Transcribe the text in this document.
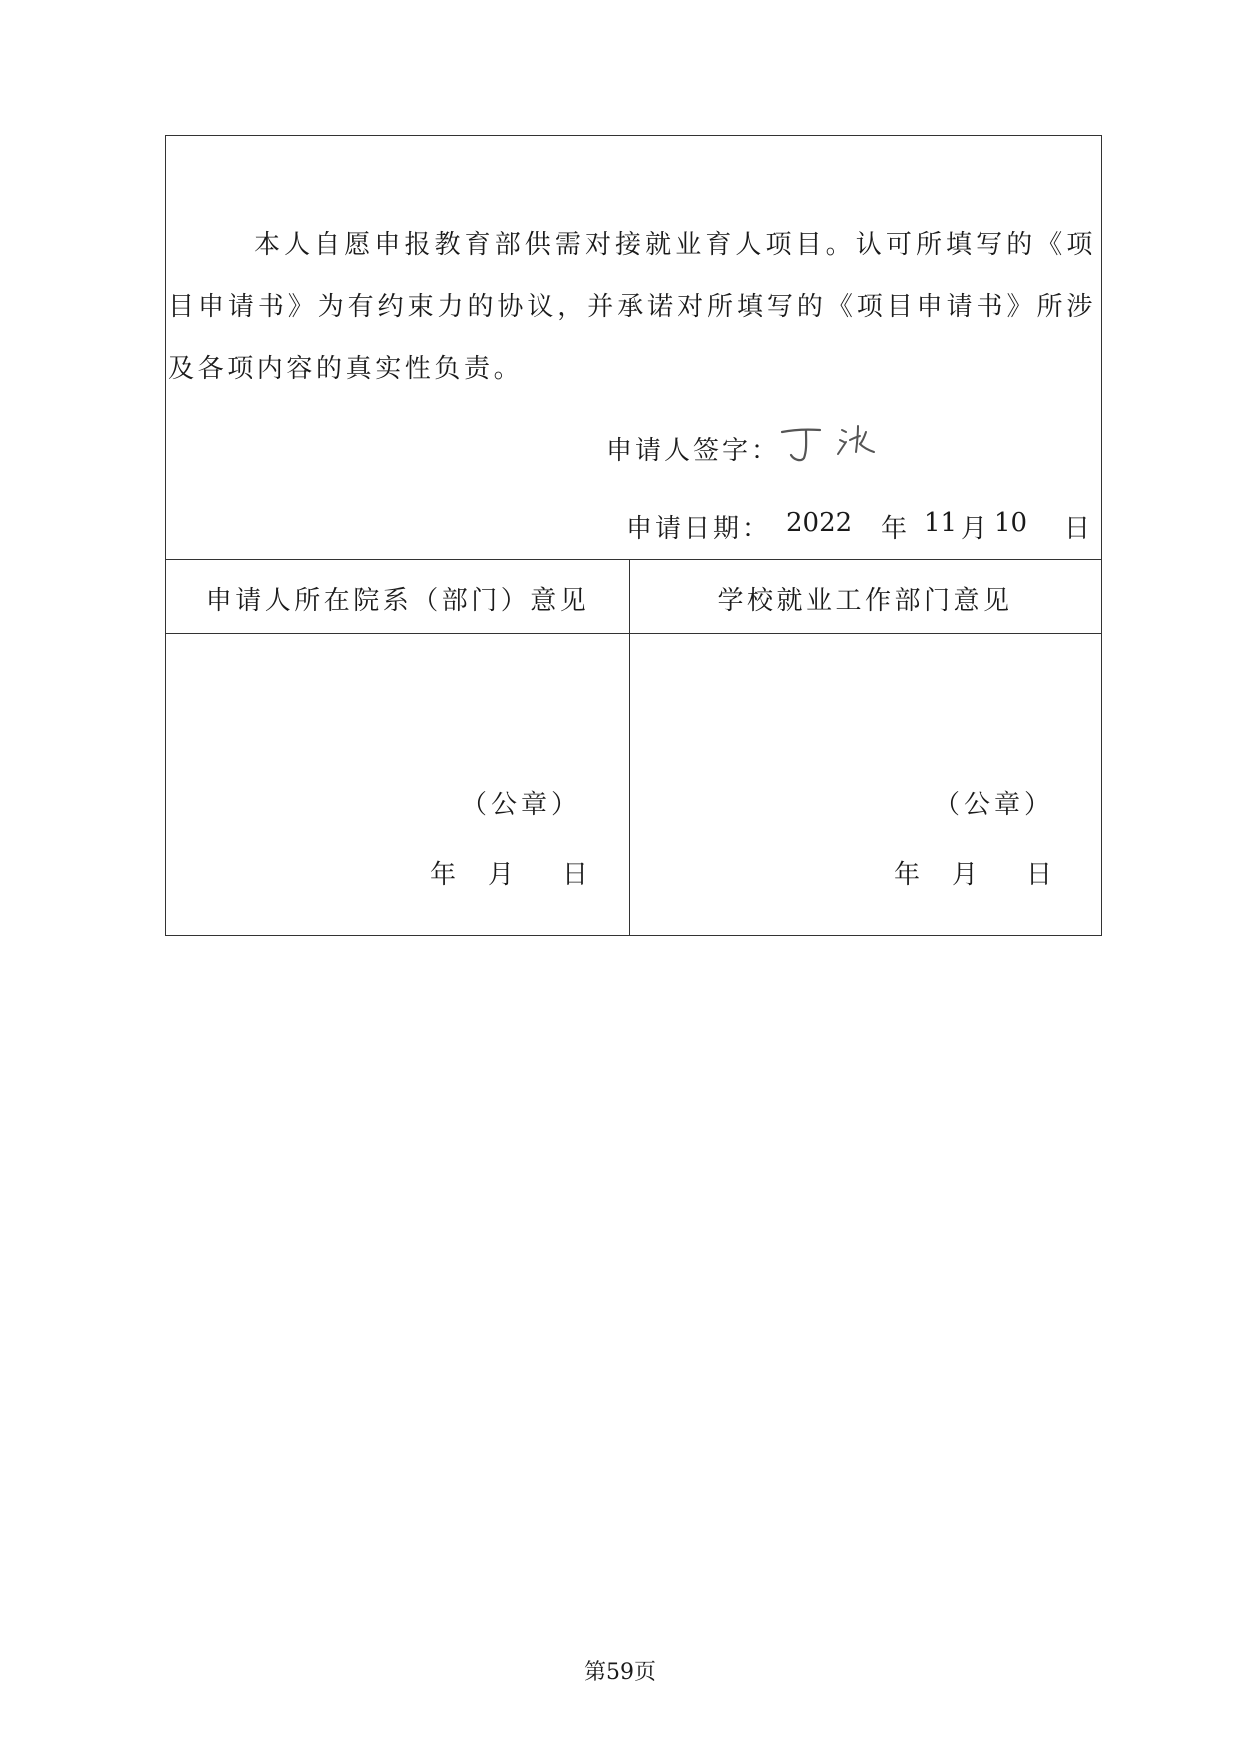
本人自愿申报教育部供需对接就业育人项目。认可所填写的《项目申请书》为有约束力的协议，并承诺对所填写的《项目申请书》所涉及各项内容的真实性负责。

申请人签字：
申请日期： 2022 年 11 月 10 日
申请人所在院系（部门）意见
（公章）
年 月 日
学校就业工作部门意见
（公章）
年 月 日
第59页
